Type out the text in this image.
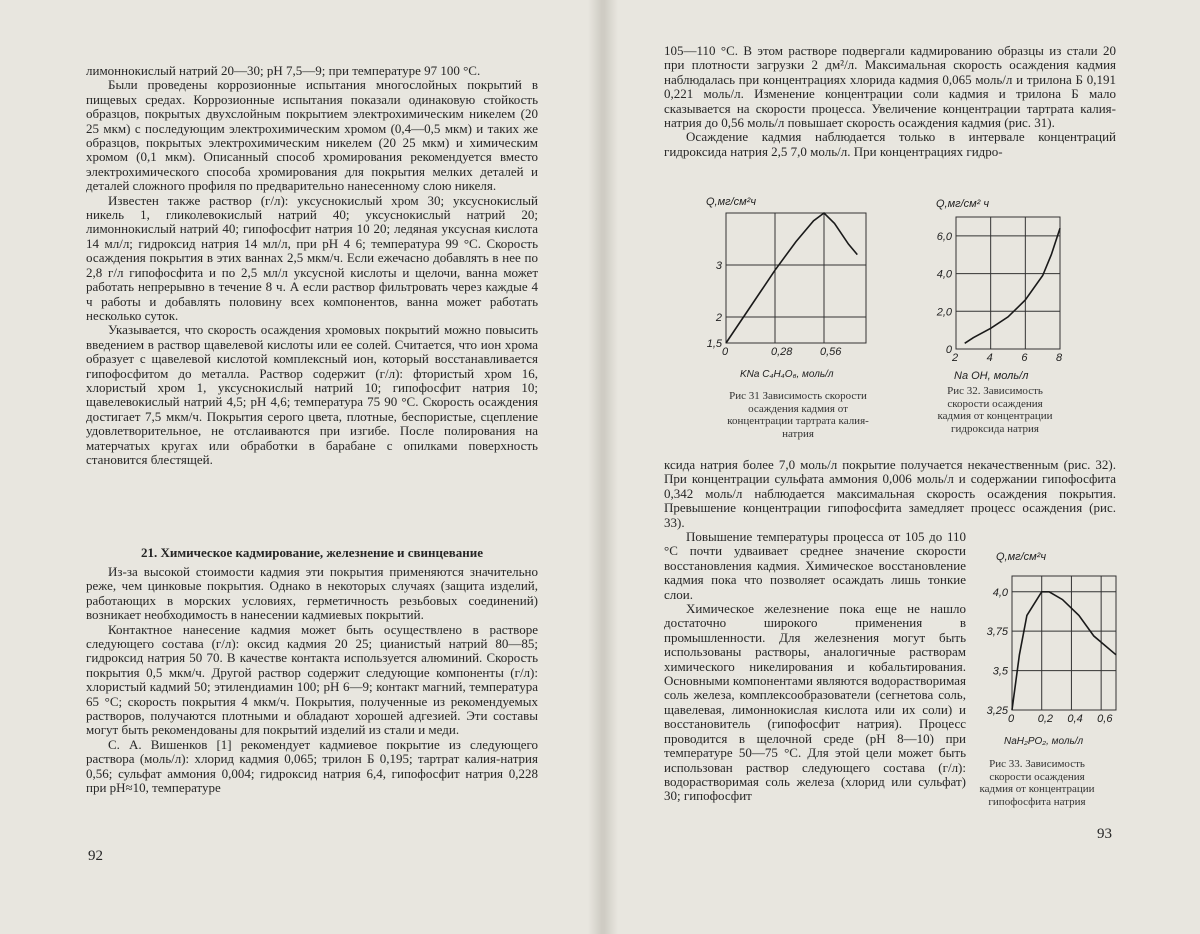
лимоннокислый натрий 20—30; pH 7,5—9; при температуре 97 100 °С.

Были проведены коррозионные испытания многослойных покрытий в пищевых средах. Коррозионные испытания показали одинаковую стойкость образцов, покрытых двухслойным покрытием электрохимическим никелем (20 25 мкм) с последующим электрохимическим хромом (0,4—0,5 мкм) и таких же образцов, покрытых электрохимическим никелем (20 25 мкм) и химическим хромом (0,1 мкм). Описанный способ хромирования рекомендуется вместо электрохимического способа хромирования для покрытия мелких деталей и деталей сложного профиля по предварительно нанесенному слою никеля.

Известен также раствор (г/л): уксуснокислый хром 30; уксуснокислый никель 1, гликолевокислый натрий 40; уксуснокислый натрий 20; лимоннокислый натрий 40; гипофосфит натрия 10 20; ледяная уксусная кислота 14 мл/л; гидроксид натрия 14 мл/л, при pH 4 6; температура 99 °С. Скорость осаждения покрытия в этих ваннах 2,5 мкм/ч. Если ежечасно добавлять в нее по 2,8 г/л гипофосфита и по 2,5 мл/л уксусной кислоты и щелочи, ванна может работать непрерывно в течение 8 ч. А если раствор фильтровать через каждые 4 ч работы и добавлять половину всех компонентов, ванна может работать несколько суток.

Указывается, что скорость осаждения хромовых покрытий можно повысить введением в раствор щавелевой кислоты или ее солей. Считается, что ион хрома образует с щавелевой кислотой комплексный ион, который восстанавливается гипофосфитом до металла. Раствор содержит (г/л): фтористый хром 16, хлористый хром 1, уксуснокислый натрий 10; гипофосфит натрия 10; щавелевокислый натрий 4,5; pH 4,6; температура 75 90 °С. Скорость осаждения достигает 7,5 мкм/ч. Покрытия серого цвета, плотные, беспористые, сцепление удовлетворительное, не отслаиваются при изгибе. После полирования на матерчатых кругах или обработки в барабане с опилками поверхность становится блестящей.

21. Химическое кадмирование, железнение и свинцевание

Из-за высокой стоимости кадмия эти покрытия применяются значительно реже, чем цинковые покрытия. Однако в некоторых случаях (защита изделий, работающих в морских условиях, герметичность резьбовых соединений) возникает необходимость в нанесении кадмиевых покрытий.

Контактное нанесение кадмия может быть осуществлено в растворе следующего состава (г/л): оксид кадмия 20 25; цианистый натрий 80—85; гидроксид натрия 50 70. В качестве контакта используется алюминий. Скорость покрытия 0,5 мкм/ч. Другой раствор содержит следующие компоненты (г/л): хлористый кадмий 50; этилендиамин 100; pH 6—9; контакт магний, температура 65 °С; скорость покрытия 4 мкм/ч. Покрытия, полученные из рекомендуемых растворов, получаются плотными и обладают хорошей адгезией. Эти составы могут быть рекомендованы для покрытий изделий из стали и меди.

С. А. Вишенков [1] рекомендует кадмиевое покрытие из следующего раствора (моль/л): хлорид кадмия 0,065; трилон Б 0,195; тартрат калия-натрия 0,56; сульфат аммония 0,004; гидроксид натрия 6,4, гипофосфит натрия 0,228 при pH≈10, температуре

92

105—110 °С. В этом растворе подвергали кадмированию образцы из стали 20 при плотности загрузки 2 дм²/л. Максимальная скорость осаждения кадмия наблюдалась при концентрациях хлорида кадмия 0,065 моль/л и трилона Б 0,191 0,221 моль/л. Изменение концентрации соли кадмия и трилона Б мало сказывается на скорости процесса. Увеличение концентрации тартрата калия-натрия до 0,56 моль/л повышает скорость осаждения кадмия (рис. 31).

Осаждение кадмия наблюдается только в интервале концентраций гидроксида натрия 2,5 7,0 моль/л. При концентрациях гидро-

Q,мг/см²ч
0	0,28	0,56
3
2
1,5
KNa C₄H₄O₆, моль/л
Рис 31 Зависимость скорости осаждения кадмия от концентрации тартрата калия-натрия
Q,мг/см² ч
2	4	6	8
6,0
4,0
2,0
0
Na OH, моль/л
Рис 32. Зависимость скорости осаждения кадмия от концентрации гидроксида натрия

ксида натрия более 7,0 моль/л покрытие получается некачественным (рис. 32). При концентрации сульфата аммония 0,006 моль/л и содержании гипофосфита 0,342 моль/л наблюдается максимальная скорость осаждения покрытия. Превышение концентрации гипофосфита замедляет процесс осаждения (рис. 33).

Повышение температуры процесса от 105 до 110 °С почти удваивает среднее значение скорости восстановления кадмия. Химическое восстановление кадмия пока что позволяет осаждать лишь тонкие слои.

Химическое железнение пока еще не нашло достаточно широкого применения в промышленности. Для железнения могут быть использованы растворы, аналогичные растворам химического никелирования и кобальтирования. Основными компонентами являются водорастворимая соль железа, комплексообразователи (сегнетова соль, щавелевая, лимоннокислая кислота или их соли) и восстановитель (гипофосфит натрия). Процесс проводится в щелочной среде (pH 8—10) при температуре 50—75 °С. Для этой цели может быть использован раствор следующего состава (г/л): водорастворимая соль железа (хлорид или сульфат) 30; гипофосфит

Q,мг/см²ч
0 0,2 0,4 0,6
4,0
3,75
3,5
3,25
NaH₂PO₂, моль/л
Рис 33. Зависимость скорости осаждения кадмия от концентрации гипофосфита натрия
93
